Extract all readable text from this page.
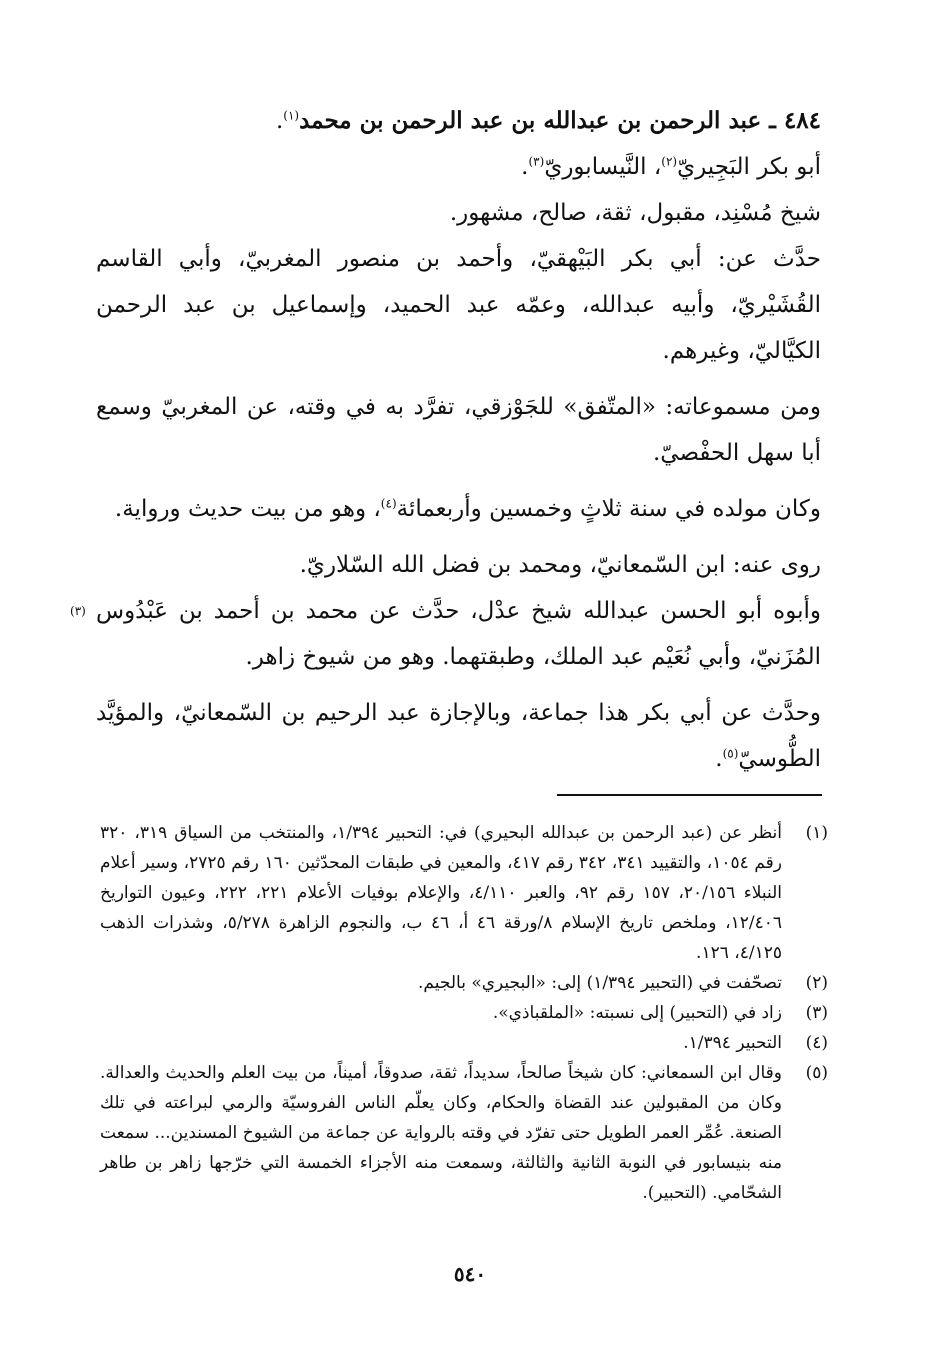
٤٨٤ ـ عبد الرحمن بن عبدالله بن عبد الرحمن بن محمد$^{(١)}$.

أبو بكر البَجِيريّ$^{(٢)}$، النَّيسابوريّ$^{(٣)}$.

شيخ مُسْنِد، مقبول، ثقة، صالح، مشهور.

حدَّث عن: أبي بكر البَيْهقيّ، وأحمد بن منصور المغربيّ، وأبي القاسم القُشَيْريّ، وأبيه عبدالله، وعمّه عبد الحميد، وإسماعيل بن عبد الرحمن الكيَّاليّ، وغيرهم.

ومن مسموعاته: «المتّفق» للجَوْزقي، تفرَّد به في وقته، عن المغربيّ وسمع أبا سهل الحفْصيّ.

وكان مولده في سنة ثلاثٍ وخمسين وأربعمائة$^{(٤)}$، وهو من بيت حديث ورواية.

روى عنه: ابن السّمعانيّ، ومحمد بن فضل الله السّلاريّ.

وأبوه أبو الحسن عبدالله شيخ عدْل، حدَّث عن محمد بن أحمد بن عَبْدُوس المُزَنيّ، وأبي نُعَيْم عبد الملك، وطبقتهما. وهو من شيوخ زاهر.

وحدَّث عن أبي بكر هذا جماعة، وبالإجازة عبد الرحيم بن السّمعانيّ، والمؤيَّد الطُّوسيّ$^{(٥)}$.

(٣)
(١)
أنظر عن (عبد الرحمن بن عبدالله البحيري) في: التحبير ١/٣٩٤، والمنتخب من السياق ٣١٩، ٣٢٠ رقم ١٠٥٤، والتقييد ٣٤١، ٣٤٢ رقم ٤١٧، والمعين في طبقات المحدّثين ١٦٠ رقم ٢٧٢٥، وسير أعلام النبلاء ٢٠/١٥٦، ١٥٧ رقم ٩٢، والعبر ٤/١١٠، والإعلام بوفيات الأعلام ٢٢١، ٢٢٢، وعيون التواريخ ١٢/٤٠٦، وملخص تاريخ الإسلام ٨/ورقة ٤٦ أ، ٤٦ ب، والنجوم الزاهرة ٥/٢٧٨، وشذرات الذهب ٤/١٢٥، ١٢٦.
(٢)
تصحّفت في (التحبير ١/٣٩٤) إلى: «البجيري» بالجيم.
(٣)
زاد في (التحبير) إلى نسبته: «الملقباذي».
(٤)
التحبير ١/٣٩٤.
(٥)
وقال ابن السمعاني: كان شيخاً صالحاً، سديداً، ثقة، صدوقاً، أميناً، من بيت العلم والحديث والعدالة. وكان من المقبولين عند القضاة والحكام، وكان يعلّم الناس الفروسيّة والرمي لبراعته في تلك الصنعة. عُمِّر العمر الطويل حتى تفرّد في وقته بالرواية عن جماعة من الشيوخ المسندين... سمعت منه بنيسابور في النوبة الثانية والثالثة، وسمعت منه الأجزاء الخمسة التي خرّجها زاهر بن طاهر الشحّامي. (التحبير).
٥٤٠
